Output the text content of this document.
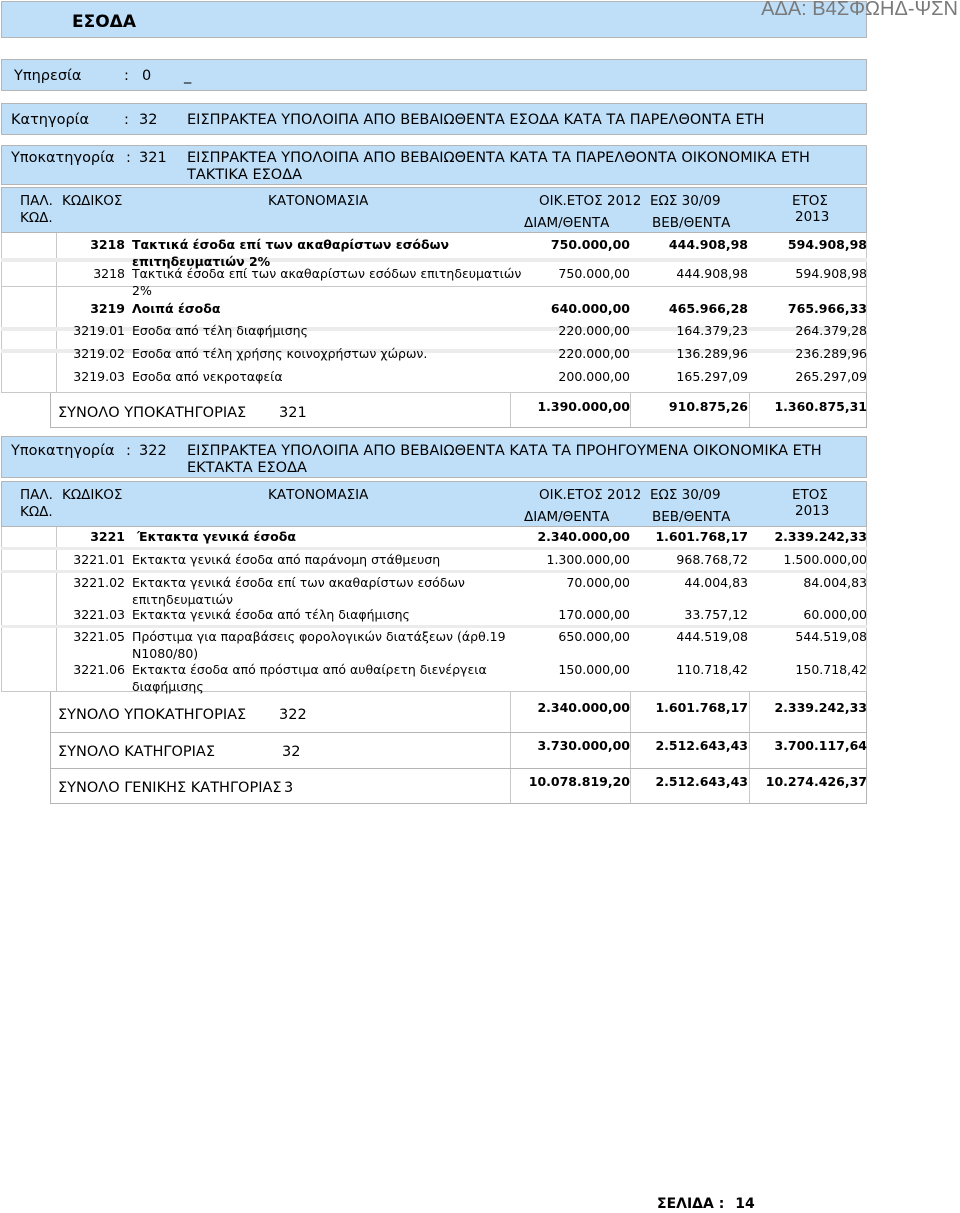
ΕΣΟΔΑ
ΑΔΑ: Β4ΣΦΩΗΔ-ΨΣΝ
Υπηρεσία	: 0 _
Κατηγορία : 32 ΕΙΣΠΡΑΚΤΕΑ ΥΠΟΛΟΙΠΑ ΑΠΟ ΒΕΒΑΙΩΘΕΝΤΑ ΕΣΟΔΑ ΚΑΤΑ ΤΑ ΠΑΡΕΛΘΟΝΤΑ ΕΤΗ
Υποκατηγορία : 321 ΕΙΣΠΡΑΚΤΕΑ ΥΠΟΛΟΙΠΑ ΑΠΟ ΒΕΒΑΙΩΘΕΝΤΑ ΚΑΤΑ ΤΑ ΠΑΡΕΛΘΟΝΤΑ ΟΙΚΟΝΟΜΙΚΑ ΕΤΗ
ΤΑΚΤΙΚΑ ΕΣΟΔΑ
ΠΑΛ.
ΚΩΔ.
ΚΩΔΙΚΟΣ	ΚΑΤΟΝΟΜΑΣΙΑ	ΟΙΚ.ΕΤΟΣ 2012 ΕΩΣ 30/09	ΕΤΟΣ
2013
ΔΙΑΜ/ΘΕΝΤΑ	ΒΕΒ/ΘΕΝΤΑ
3218 Τακτικά έσοδα επί των ακαθαρίστων εσόδων
επιτηδευματιών 2%
750.000,00	444.908,98	594.908,98
3218 Τακτικά έσοδα επί των ακαθαρίστων εσόδων επιτηδευματιών
2%
750.000,00	444.908,98	594.908,98
3219 Λοιπά έσοδα	640.000,00	465.966,28	765.966,33
3219.01 Εσοδα από τέλη διαφήμισης	220.000,00	164.379,23	264.379,28
3219.02 Εσοδα από τέλη χρήσης κοινοχρήστων χώρων.	220.000,00	136.289,96	236.289,96
3219.03 Εσοδα από νεκροταφεία	200.000,00	165.297,09	265.297,09
ΣΥΝΟΛΟ ΥΠΟΚΑΤΗΓΟΡΙΑΣ 321	1.390.000,00	910.875,26	1.360.875,31
Υποκατηγορία : 322 ΕΙΣΠΡΑΚΤΕΑ ΥΠΟΛΟΙΠΑ ΑΠΟ ΒΕΒΑΙΩΘΕΝΤΑ ΚΑΤΑ ΤΑ ΠΡΟΗΓΟΥΜΕΝΑ ΟΙΚΟΝΟΜΙΚΑ ΕΤΗ
ΕΚΤΑΚΤΑ ΕΣΟΔΑ
ΠΑΛ.
ΚΩΔ.
ΚΩΔΙΚΟΣ	ΚΑΤΟΝΟΜΑΣΙΑ	ΟΙΚ.ΕΤΟΣ 2012 ΕΩΣ 30/09	ΕΤΟΣ
2013
ΔΙΑΜ/ΘΕΝΤΑ	ΒΕΒ/ΘΕΝΤΑ
3221 Έκτακτα γενικά έσοδα	2.340.000,00	1.601.768,17	2.339.242,33
3221.01 Εκτακτα γενικά έσοδα από παράνομη στάθμευση	1.300.000,00	968.768,72	1.500.000,00
3221.02 Εκτακτα γενικά έσοδα επί των ακαθαρίστων εσόδων
επιτηδευματιών
70.000,00	44.004,83	84.004,83
3221.03 Εκτακτα γενικά έσοδα από τέλη διαφήμισης	170.000,00	33.757,12	60.000,00
3221.05 Πρόστιμα για παραβάσεις φορολογικών διατάξεων (άρθ.19
Ν1080/80)
650.000,00	444.519,08	544.519,08
3221.06 Εκτακτα έσοδα από πρόστιμα από αυθαίρετη διενέργεια
διαφήμισης
150.000,00	110.718,42	150.718,42
ΣΥΝΟΛΟ ΥΠΟΚΑΤΗΓΟΡΙΑΣ 322	2.340.000,00	1.601.768,17	2.339.242,33
ΣΥΝΟΛΟ ΚΑΤΗΓΟΡΙΑΣ	32	3.730.000,00	2.512.643,43	3.700.117,64
ΣΥΝΟΛΟ ΓΕΝΙΚΗΣ ΚΑΤΗΓΟΡΙΑΣ 3	10.078.819,20	2.512.643,43	10.274.426,37
ΣΕΛΙΔΑ : 14
